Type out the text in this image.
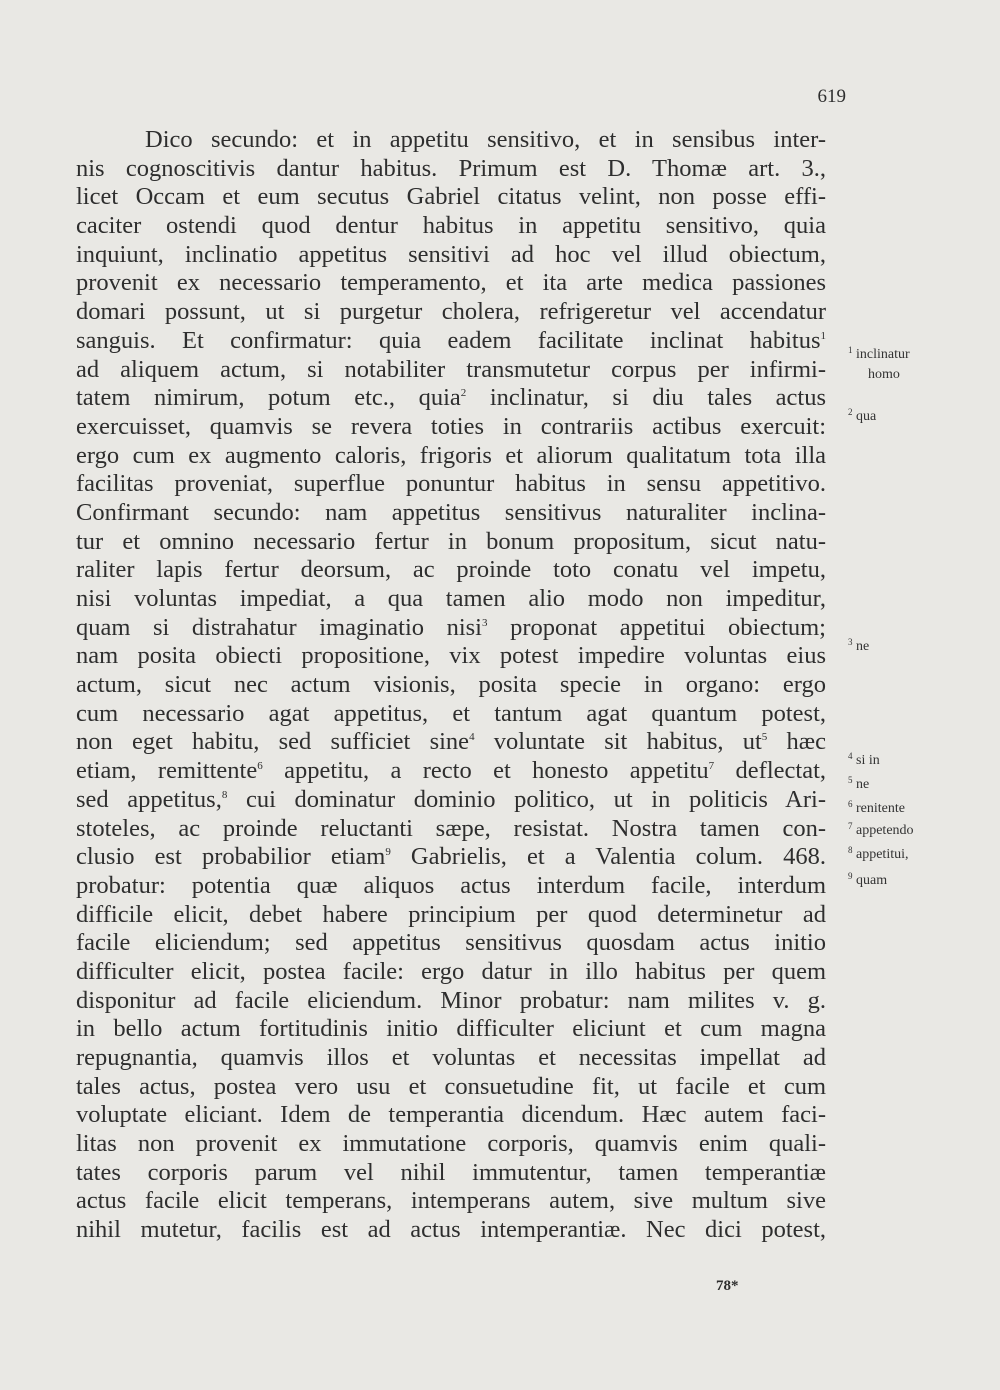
619
Dico secundo: et in appetitu sensitivo, et in sensibus inter-
nis cognoscitivis dantur habitus. Primum est D. Thomæ art. 3.,
licet Occam et eum secutus Gabriel citatus velint, non posse effi-
caciter ostendi quod dentur habitus in appetitu sensitivo, quia
inquiunt, inclinatio appetitus sensitivi ad hoc vel illud obiectum,
provenit ex necessario temperamento, et ita arte medica passiones
domari possunt, ut si purgetur cholera, refrigeretur vel accendatur
sanguis. Et confirmatur: quia eadem facilitate inclinat habitus$^1$
ad aliquem actum, si notabiliter transmutetur corpus per infirmi-
tatem nimirum, potum etc., quia$^2$ inclinatur, si diu tales actus
exercuisset, quamvis se revera toties in contrariis actibus exercuit:
ergo cum ex augmento caloris, frigoris et aliorum qualitatum tota illa
facilitas proveniat, superflue ponuntur habitus in sensu appetitivo.
Confirmant secundo: nam appetitus sensitivus naturaliter inclina-
tur et omnino necessario fertur in bonum propositum, sicut natu-
raliter lapis fertur deorsum, ac proinde toto conatu vel impetu,
nisi voluntas impediat, a qua tamen alio modo non impeditur,
quam si distrahatur imaginatio nisi$^3$ proponat appetitui obiectum;
nam posita obiecti propositione, vix potest impedire voluntas eius
actum, sicut nec actum visionis, posita specie in organo: ergo
cum necessario agat appetitus, et tantum agat quantum potest,
non eget habitu, sed sufficiet sine$^4$ voluntate sit habitus, $ut^5$ hæc
etiam, remittente$^6$ appetitu, a recto et honesto appetitu$^7$ deflectat,
sed appetitus,$^8$ cui dominatur dominio politico, ut in politicis Ari-
stoteles, ac proinde reluctanti sæpe, resistat. Nostra tamen con-
clusio est probabilior etiam$^9$ Gabrielis, et a Valentia colum. 468.
probatur: potentia quæ aliquos actus interdum facile, interdum
difficile elicit, debet habere principium per quod determinetur ad
facile eliciendum; sed appetitus sensitivus quosdam actus initio
difficulter elicit, postea facile: ergo datur in illo habitus per quem
disponitur ad facile eliciendum. Minor probatur: nam milites v. g.
in bello actum fortitudinis initio difficulter eliciunt et cum magna
repugnantia, quamvis illos et voluntas et necessitas impellat ad
tales actus, postea vero usu et consuetudine fit, ut facile et cum
voluptate eliciant. Idem de temperantia dicendum. Hæc autem faci-
litas non provenit ex immutatione corporis, quamvis enim quali-
tates corporis parum vel nihil immutentur, tamen temperantiæ
actus facile elicit temperans, intemperans autem, sive multum sive
nihil mutetur, facilis est ad actus intemperantiæ. Nec dici potest,
$^1$ inclinatur
homo
$^2$ qua
$^3$ ne
$^4$ si in
$^5$ ne
$^6$ renitente
$^7$ appetendo
$^8$ appetitui,
$^9$ quam
78*
